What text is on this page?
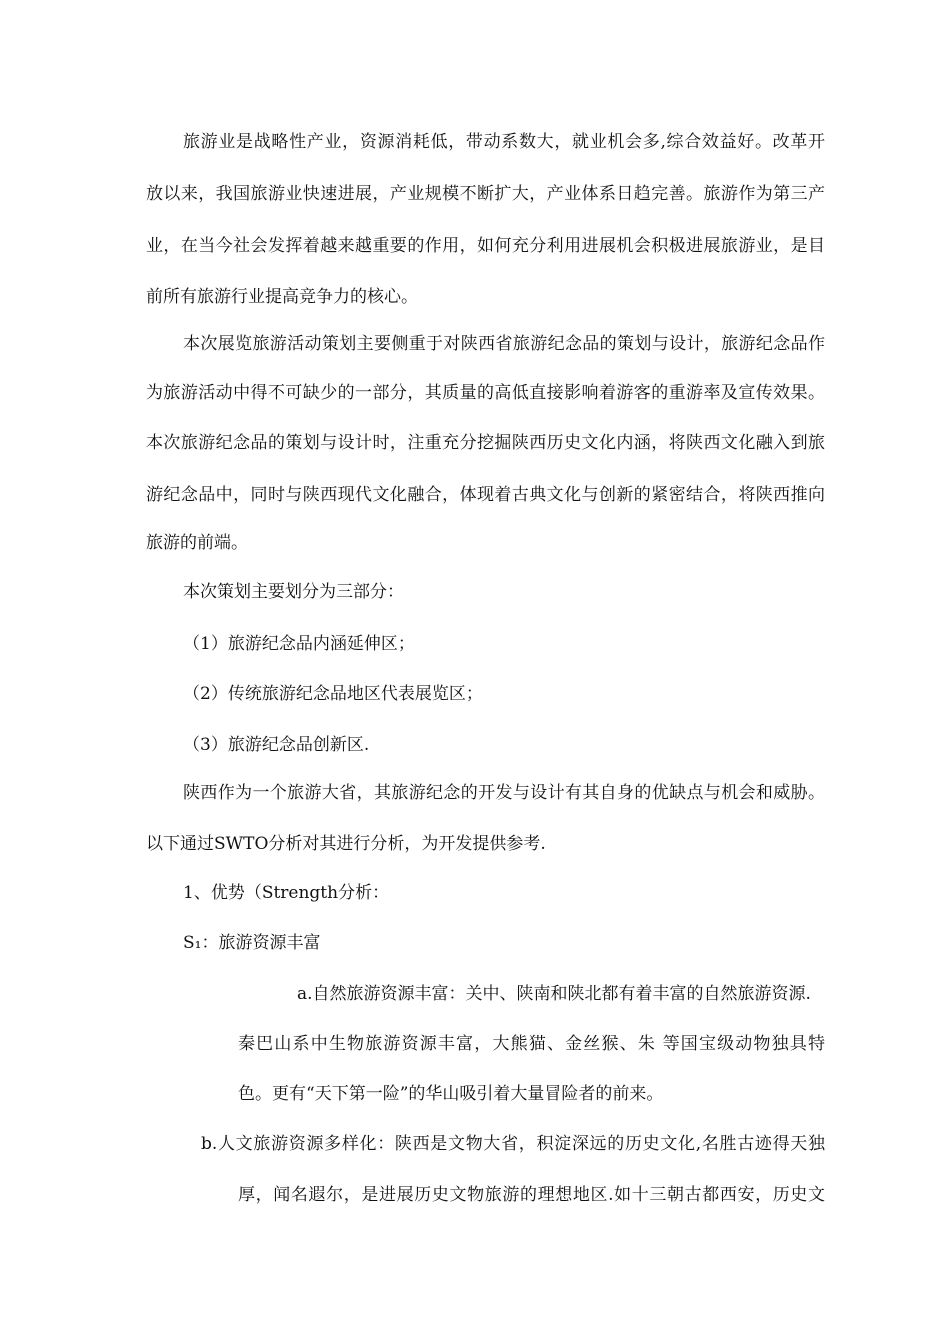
旅游业是战略性产业，资源消耗低，带动系数大，就业机会多,综合效益好。改革开
放以来，我国旅游业快速进展，产业规模不断扩大，产业体系日趋完善。旅游作为第三产
业，在当今社会发挥着越来越重要的作用，如何充分利用进展机会积极进展旅游业，是目
前所有旅游行业提高竞争力的核心。
本次展览旅游活动策划主要侧重于对陕西省旅游纪念品的策划与设计，旅游纪念品作
为旅游活动中得不可缺少的一部分，其质量的高低直接影响着游客的重游率及宣传效果。
本次旅游纪念品的策划与设计时，注重充分挖掘陕西历史文化内涵，将陕西文化融入到旅
游纪念品中，同时与陕西现代文化融合，体现着古典文化与创新的紧密结合，将陕西推向
旅游的前端。
本次策划主要划分为三部分：
（1）旅游纪念品内涵延伸区；
（2）传统旅游纪念品地区代表展览区；
（3）旅游纪念品创新区.
陕西作为一个旅游大省，其旅游纪念的开发与设计有其自身的优缺点与机会和威胁。
以下通过SWTO分析对其进行分析，为开发提供参考.
1、优势（Strength分析：
S₁：旅游资源丰富
a.自然旅游资源丰富：关中、陕南和陕北都有着丰富的自然旅游资源.
秦巴山系中生物旅游资源丰富，大熊猫、金丝猴、朱 等国宝级动物独具特
色。更有“天下第一险”的华山吸引着大量冒险者的前来。
b.人文旅游资源多样化：陕西是文物大省，积淀深远的历史文化,名胜古迹得天独
厚，闻名遐尔，是进展历史文物旅游的理想地区.如十三朝古都西安，历史文
